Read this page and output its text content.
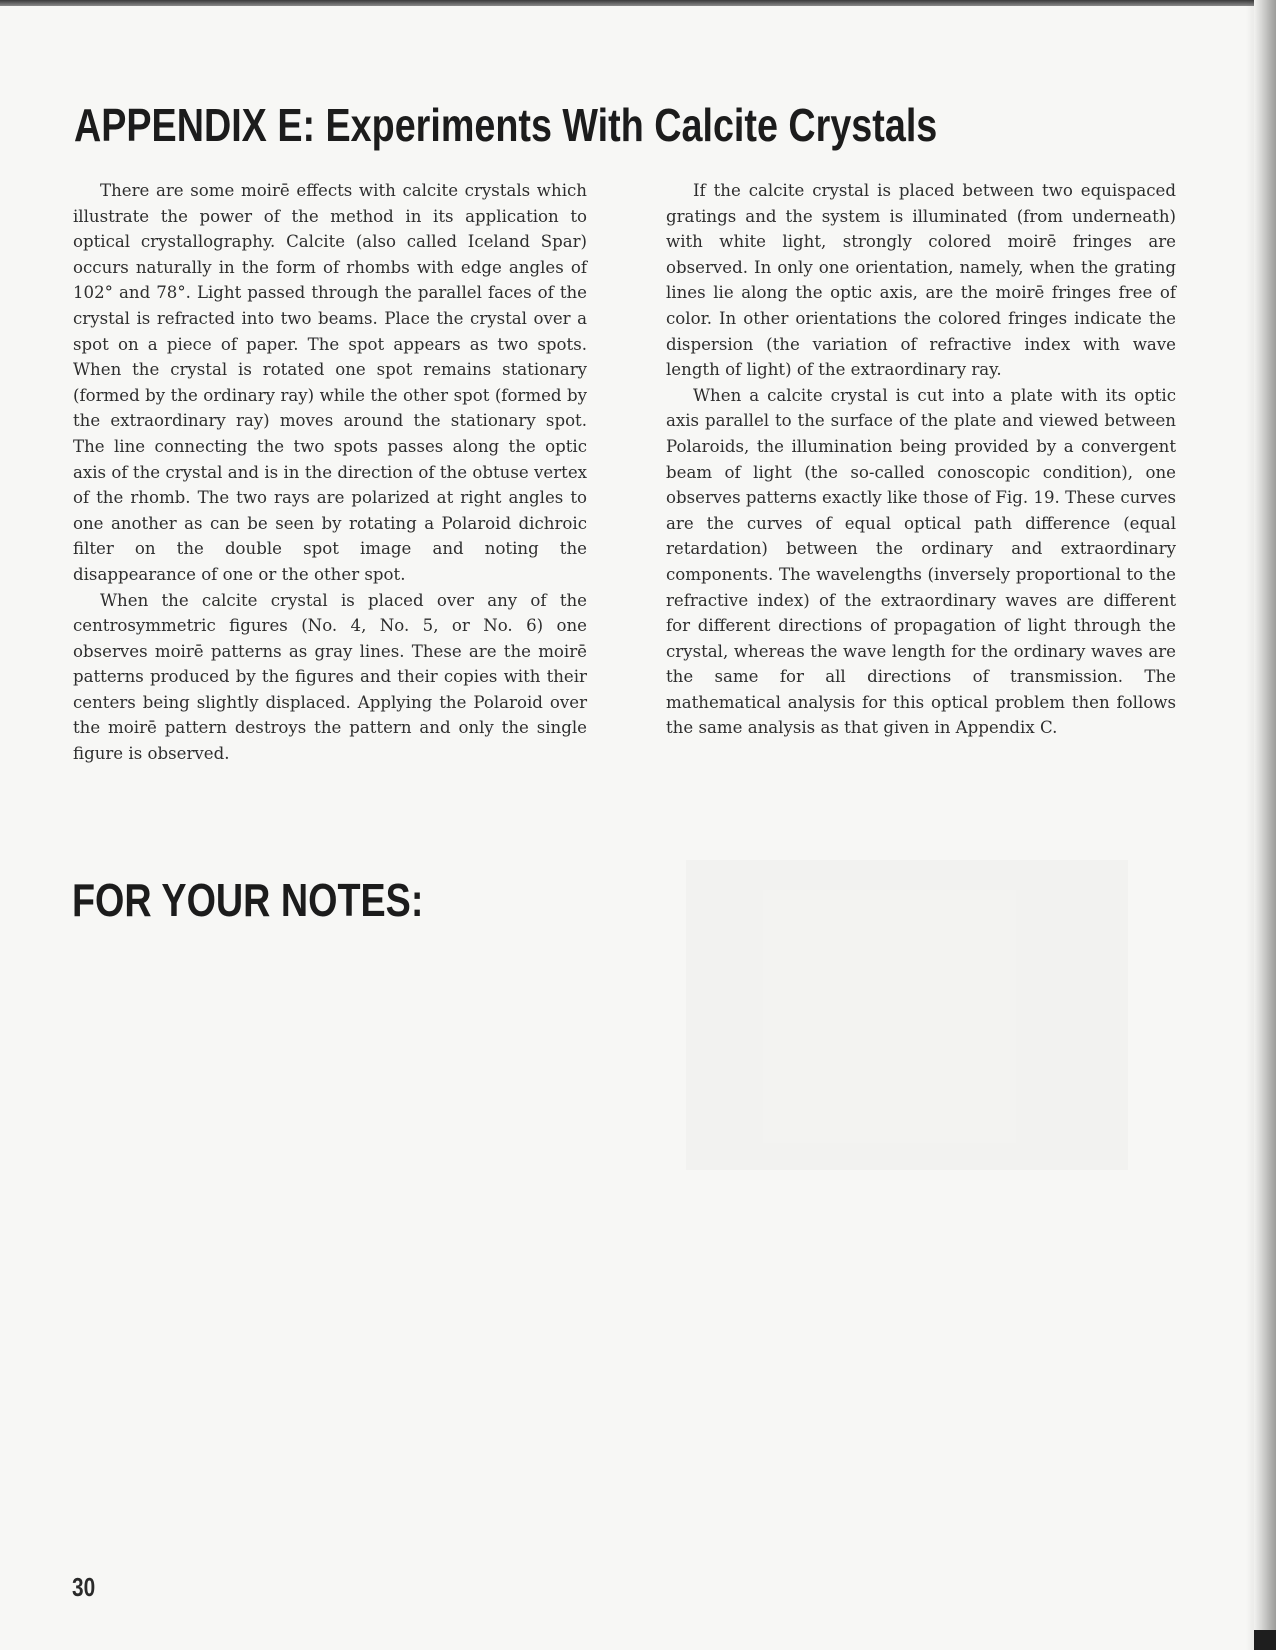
APPENDIX E: Experiments With Calcite Crystals

There are some moirē effects with calcite crystals which illustrate the power of the method in its application to optical crystallography. Calcite (also called Iceland Spar) occurs naturally in the form of rhombs with edge angles of 102° and 78°. Light passed through the parallel faces of the crystal is refracted into two beams. Place the crystal over a spot on a piece of paper. The spot appears as two spots. When the crystal is rotated one spot remains stationary (formed by the ordinary ray) while the other spot (formed by the extraordinary ray) moves around the stationary spot. The line connecting the two spots passes along the optic axis of the crystal and is in the direction of the obtuse vertex of the rhomb. The two rays are polarized at right angles to one another as can be seen by rotating a Polaroid dichroic filter on the double spot image and noting the disappearance of one or the other spot.

When the calcite crystal is placed over any of the centrosymmetric figures (No. 4, No. 5, or No. 6) one observes moirē patterns as gray lines. These are the moirē patterns produced by the figures and their copies with their centers being slightly displaced. Applying the Polaroid over the moirē pattern destroys the pattern and only the single figure is observed.

If the calcite crystal is placed between two equispaced gratings and the system is illuminated (from underneath) with white light, strongly colored moirē fringes are observed. In only one orientation, namely, when the grating lines lie along the optic axis, are the moirē fringes free of color. In other orientations the colored fringes indicate the dispersion (the variation of refractive index with wave length of light) of the extraordinary ray.

When a calcite crystal is cut into a plate with its optic axis parallel to the surface of the plate and viewed between Polaroids, the illumination being provided by a convergent beam of light (the so-called conoscopic condition), one observes patterns exactly like those of Fig. 19. These curves are the curves of equal optical path difference (equal retardation) between the ordinary and extraordinary components. The wavelengths (inversely proportional to the refractive index) of the extraordinary waves are different for different directions of propagation of light through the crystal, whereas the wave length for the ordinary waves are the same for all directions of transmission. The mathematical analysis for this optical problem then follows the same analysis as that given in Appendix C.

FOR YOUR NOTES:
30
